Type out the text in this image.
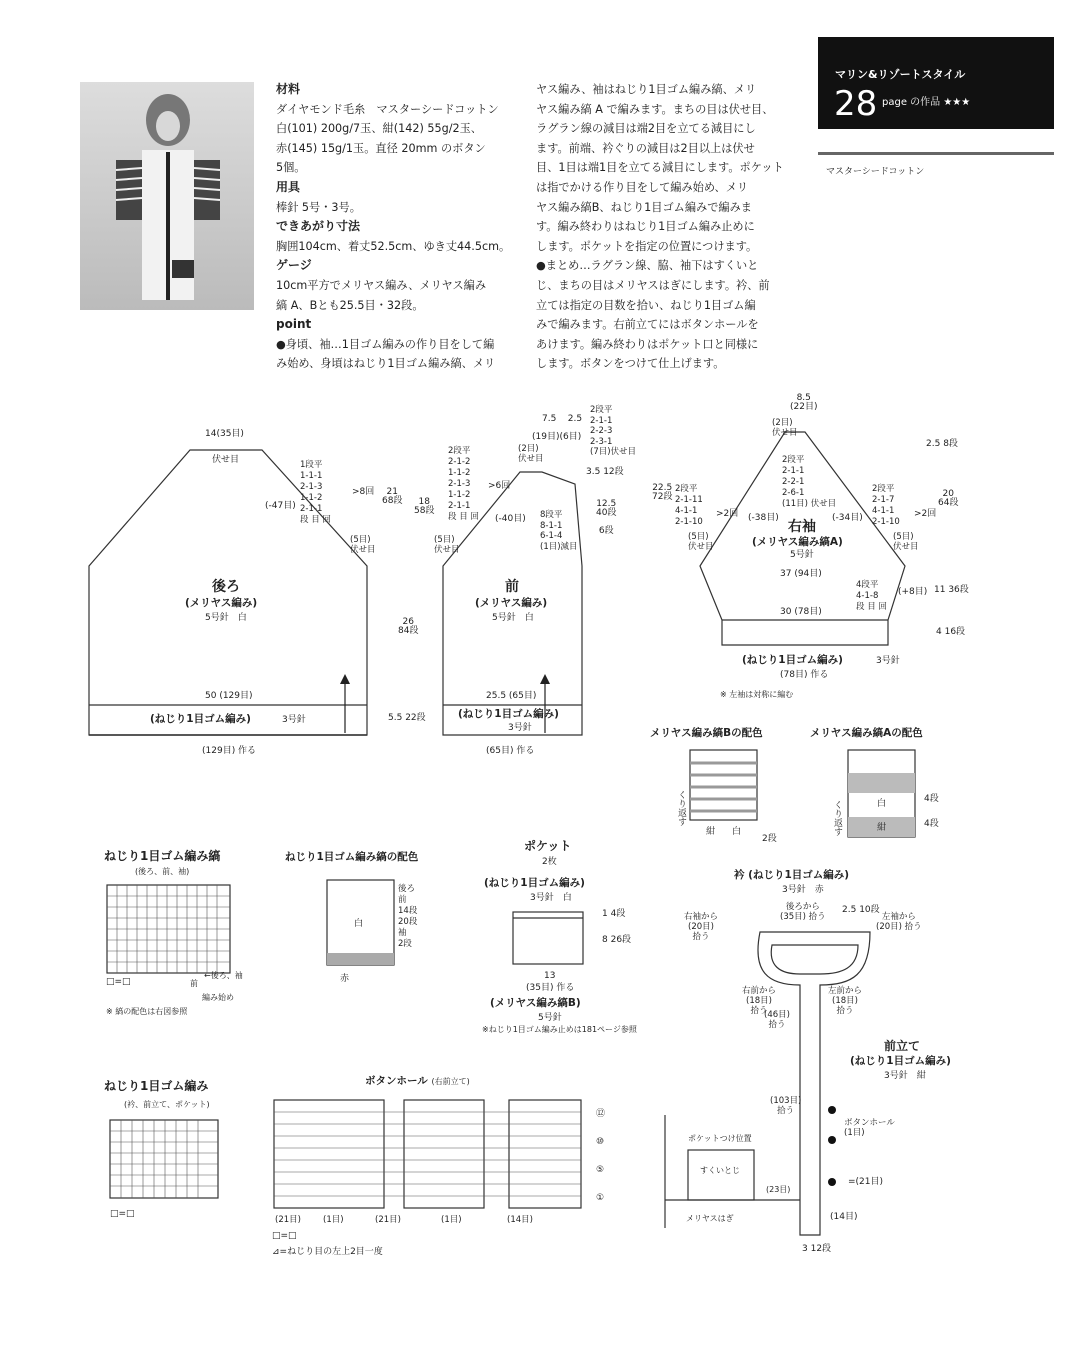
材料
ダイヤモンド毛糸　マスターシードコットン
白(101) 200g/7玉、紺(142) 55g/2玉、
赤(145) 15g/1玉。直径 20mm のボタン
5個。
用具
棒針 5号・3号。
できあがり寸法
胸囲104cm、着丈52.5cm、ゆき丈44.5cm。
ゲージ
10cm平方でメリヤス編み、メリヤス編み
縞 A、Bとも25.5目・32段。
point
●身頃、袖…1目ゴム編みの作り目をして編
み始め、身頃はねじり1目ゴム編み縞、メリ
ヤス編み、袖はねじり1目ゴム編み縞、メリ
ヤス編み縞 A で編みます。まちの目は伏せ目、
ラグラン線の減目は端2目を立てる減目にし
ます。前端、衿ぐりの減目は2目以上は伏せ
目、1目は端1目を立てる減目にします。ポケット
は指でかける作り目をして編み始め、メリ
ヤス編み縞B、ねじり1目ゴム編みで編みま
す。編み終わりはねじり1目ゴム編み止めに
します。ポケットを指定の位置につけます。
●まとめ…ラグラン線、脇、袖下はすくいと
じ、まちの目はメリヤスはぎにします。衿、前
立ては指定の目数を拾い、ねじり1目ゴム編
みで編みます。右前立てにはボタンホールを
あけます。編み終わりはポケット口と同様に
します。ボタンをつけて仕上げます。
マリン&リゾートスタイル
28 page の作品 ★★★
マスターシードコットン
14(35目)
伏せ目
後ろ
(メリヤス編み)
5号針　白
50 (129目)
(ねじり1目ゴム編み)	3号針
(129目) 作る
1段平
1-1-1
2-1-3
1-1-2
2-1-1
段 目 回
>8回
(-47目)
(5目)
伏せ目
21
68段
26
84段
5.5 22段
前
(メリヤス編み)
5号針　白
2段平
2-1-2
1-1-2
2-1-3
1-1-2
2-1-1
段 目 回
>6回
(-40目) 8段平
8-1-1
6-1-4
(1目)減目
7.5 2.5
(19目)(6目)
2段平
2-1-1
2-2-3
2-3-1
(7目)伏せ目
(2目)
伏せ目
(5目)
伏せ目
18
58段
3.5 12段
12.5
40段

6段
25.5 (65目)
(ねじり1目ゴム編み)
3号針
(65目) 作る
8.5
(22目)
(2目)
伏せ目
2段平
2-1-1
2-2-1
2-6-1
(11目) 伏せ目
2段平
2-1-11
4-1-1
2-1-10
>2回 (-38目)
2段平
2-1-7
4-1-1
2-1-10
>2回
(-34目)
右袖
(メリヤス編み縞A)
5号針
(5目)
伏せ目
(5目)
伏せ目
37 (94目)
4段平
4-1-8
段 目 回
(+8目)
30 (78目)
(ねじり1目ゴム編み)	3号針
(78目) 作る
※ 左袖は対称に編む
22.5
72段
2.5 8段
20
64段
11 36段
4 16段
メリヤス編み縞Bの配色
くり返す
紺 白
2段
メリヤス編み縞Aの配色
くり返す	白
紺
4段
4段
ねじり1目ゴム編み縞
(後ろ、前、袖)
□=□
←後ろ、袖
前
編み始め
※ 縞の配色は右図参照
ねじり1目ゴム編み縞の配色
白
赤
後ろ
前
14段
20段
袖
2段
ポケット
2枚
(ねじり1目ゴム編み)
3号針　白
1 4段
8 26段
13
(35目) 作る
(メリヤス編み縞B)
5号針
※ねじり1目ゴム編み止めは181ページ参照
ねじり1目ゴム編み
(衿、前立て、ポケット)
□=□
ボタンホール (右前立て)
(21目)	(1目)	(21目)	(1目)	(14目)
⑫
⑩
⑤
①
□=□
⊿=ねじり目の左上2目一度
衿 (ねじり1目ゴム編み)
3号針　赤
後ろから
(35目) 拾う
2.5 10段
右袖から
(20目)
拾う
左袖から
(20目) 拾う
右前から
(18目)
拾う
左前から
(18目)
拾う
(46目)
拾う
前立て
(ねじり1目ゴム編み)
3号針　紺
(103目)
拾う
ボタンホール
(1目)
=(21目)
(14目)
3 12段
ポケットつけ位置
すくいとじ
(23目)
メリヤスはぎ
